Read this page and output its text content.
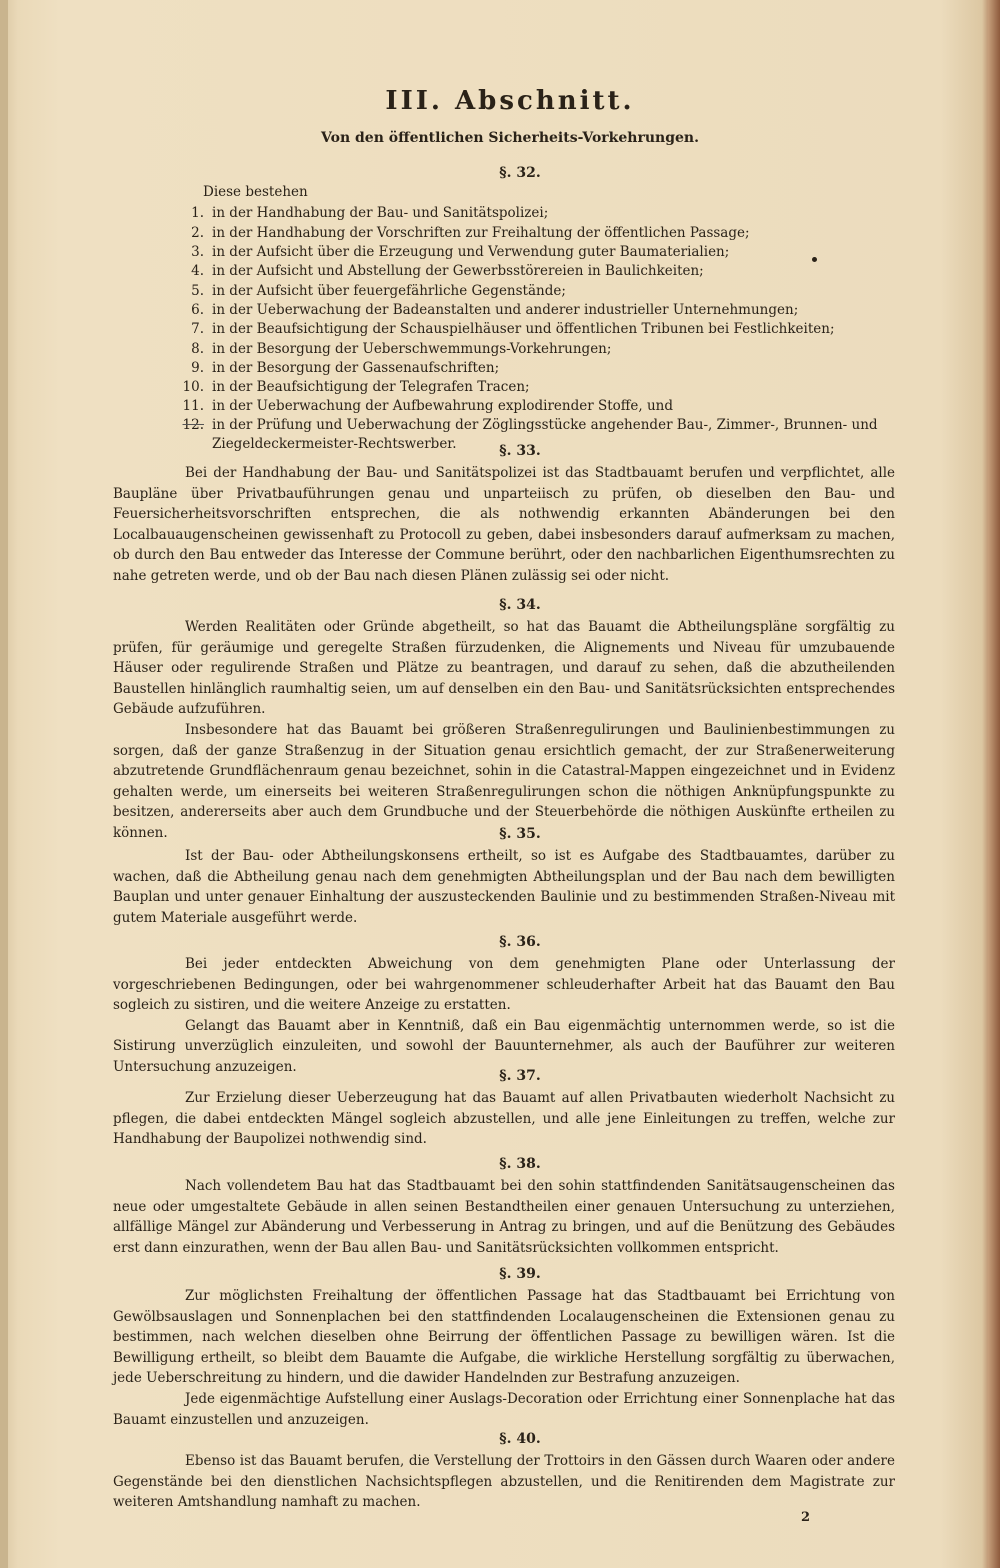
III. Abschnitt.
Von den öffentlichen Sicherheits-Vorkehrungen.
§. 32.
Diese bestehen
1. in der Handhabung der Bau- und Sanitätspolizei;
2. in der Handhabung der Vorschriften zur Freihaltung der öffentlichen Passage;
3. in der Aufsicht über die Erzeugung und Verwendung guter Baumaterialien;
4. in der Aufsicht und Abstellung der Gewerbsstörereien in Baulichkeiten;
5. in der Aufsicht über feuergefährliche Gegenstände;
6. in der Ueberwachung der Badeanstalten und anderer industrieller Unternehmungen;
7. in der Beaufsichtigung der Schauspielhäuser und öffentlichen Tribunen bei Festlichkeiten;
8. in der Besorgung der Ueberschwemmungs-Vorkehrungen;
9. in der Besorgung der Gassenaufschriften;
10. in der Beaufsichtigung der Telegrafen Tracen;
11. in der Ueberwachung der Aufbewahrung explodirender Stoffe, und
12. in der Prüfung und Ueberwachung der Zöglingsstücke angehender Bau-, Zimmer-, Brunnen- und
Ziegeldeckermeister-Rechtswerber.	§. 33.

Bei der Handhabung der Bau- und Sanitätspolizei ist das Stadtbauamt berufen und verpflichtet, alle Baupläne über Privatbauführungen genau und unparteiisch zu prüfen, ob dieselben den Bau- und Feuersicherheitsvorschriften entsprechen, die als nothwendig erkannten Abänderungen bei den Localbauaugenscheinen gewissenhaft zu Protocoll zu geben, dabei insbesonders darauf aufmerksam zu machen, ob durch den Bau entweder das Interesse der Commune berührt, oder den nachbarlichen Eigenthumsrechten zu nahe getreten werde, und ob der Bau nach diesen Plänen zulässig sei oder nicht.

§. 34.

Werden Realitäten oder Gründe abgetheilt, so hat das Bauamt die Abtheilungspläne sorgfältig zu prüfen, für geräumige und geregelte Straßen fürzudenken, die Alignements und Niveau für umzubauende Häuser oder regulirende Straßen und Plätze zu beantragen, und darauf zu sehen, daß die abzutheilenden Baustellen hinlänglich raumhaltig seien, um auf denselben ein den Bau- und Sanitätsrücksichten entsprechendes Gebäude aufzuführen.

Insbesondere hat das Bauamt bei größeren Straßenregulirungen und Baulinienbestimmungen zu sorgen, daß der ganze Straßenzug in der Situation genau ersichtlich gemacht, der zur Straßenerweiterung abzutretende Grundflächenraum genau bezeichnet, sohin in die Catastral-Mappen eingezeichnet und in Evidenz gehalten werde, um einerseits bei weiteren Straßenregulirungen schon die nöthigen Anknüpfungspunkte zu besitzen, andererseits aber auch dem Grundbuche und der Steuerbehörde die nöthigen Auskünfte ertheilen zu können.	§. 35.

Ist der Bau- oder Abtheilungskonsens ertheilt, so ist es Aufgabe des Stadtbauamtes, darüber zu wachen, daß die Abtheilung genau nach dem genehmigten Abtheilungsplan und der Bau nach dem bewilligten Bauplan und unter genauer Einhaltung der auszusteckenden Baulinie und zu bestimmenden Straßen-Niveau mit gutem Materiale ausgeführt werde.

§. 36.

Bei jeder entdeckten Abweichung von dem genehmigten Plane oder Unterlassung der vorgeschriebenen Bedingungen, oder bei wahrgenommener schleuderhafter Arbeit hat das Bauamt den Bau sogleich zu sistiren, und die weitere Anzeige zu erstatten.

Gelangt das Bauamt aber in Kenntniß, daß ein Bau eigenmächtig unternommen werde, so ist die Sistirung unverzüglich einzuleiten, und sowohl der Bauunternehmer, als auch der Bauführer zur weiteren Untersuchung anzuzeigen.

§. 37.

Zur Erzielung dieser Ueberzeugung hat das Bauamt auf allen Privatbauten wiederholt Nachsicht zu pflegen, die dabei entdeckten Mängel sogleich abzustellen, und alle jene Einleitungen zu treffen, welche zur Handhabung der Baupolizei nothwendig sind.

§. 38.

Nach vollendetem Bau hat das Stadtbauamt bei den sohin stattfindenden Sanitätsaugenscheinen das neue oder umgestaltete Gebäude in allen seinen Bestandtheilen einer genauen Untersuchung zu unterziehen, allfällige Mängel zur Abänderung und Verbesserung in Antrag zu bringen, und auf die Benützung des Gebäudes erst dann einzurathen, wenn der Bau allen Bau- und Sanitätsrücksichten vollkommen entspricht.

§. 39.

Zur möglichsten Freihaltung der öffentlichen Passage hat das Stadtbauamt bei Errichtung von Gewölbsauslagen und Sonnenplachen bei den stattfindenden Localaugenscheinen die Extensionen genau zu bestimmen, nach welchen dieselben ohne Beirrung der öffentlichen Passage zu bewilligen wären. Ist die Bewilligung ertheilt, so bleibt dem Bauamte die Aufgabe, die wirkliche Herstellung sorgfältig zu überwachen, jede Ueberschreitung zu hindern, und die dawider Handelnden zur Bestrafung anzuzeigen.

Jede eigenmächtige Aufstellung einer Auslags-Decoration oder Errichtung einer Sonnenplache hat das Bauamt einzustellen und anzuzeigen.

§. 40.

Ebenso ist das Bauamt berufen, die Verstellung der Trottoirs in den Gässen durch Waaren oder andere Gegenstände bei den dienstlichen Nachsichtspflegen abzustellen, und die Renitirenden dem Magistrate zur weiteren Amtshandlung namhaft zu machen.

2
